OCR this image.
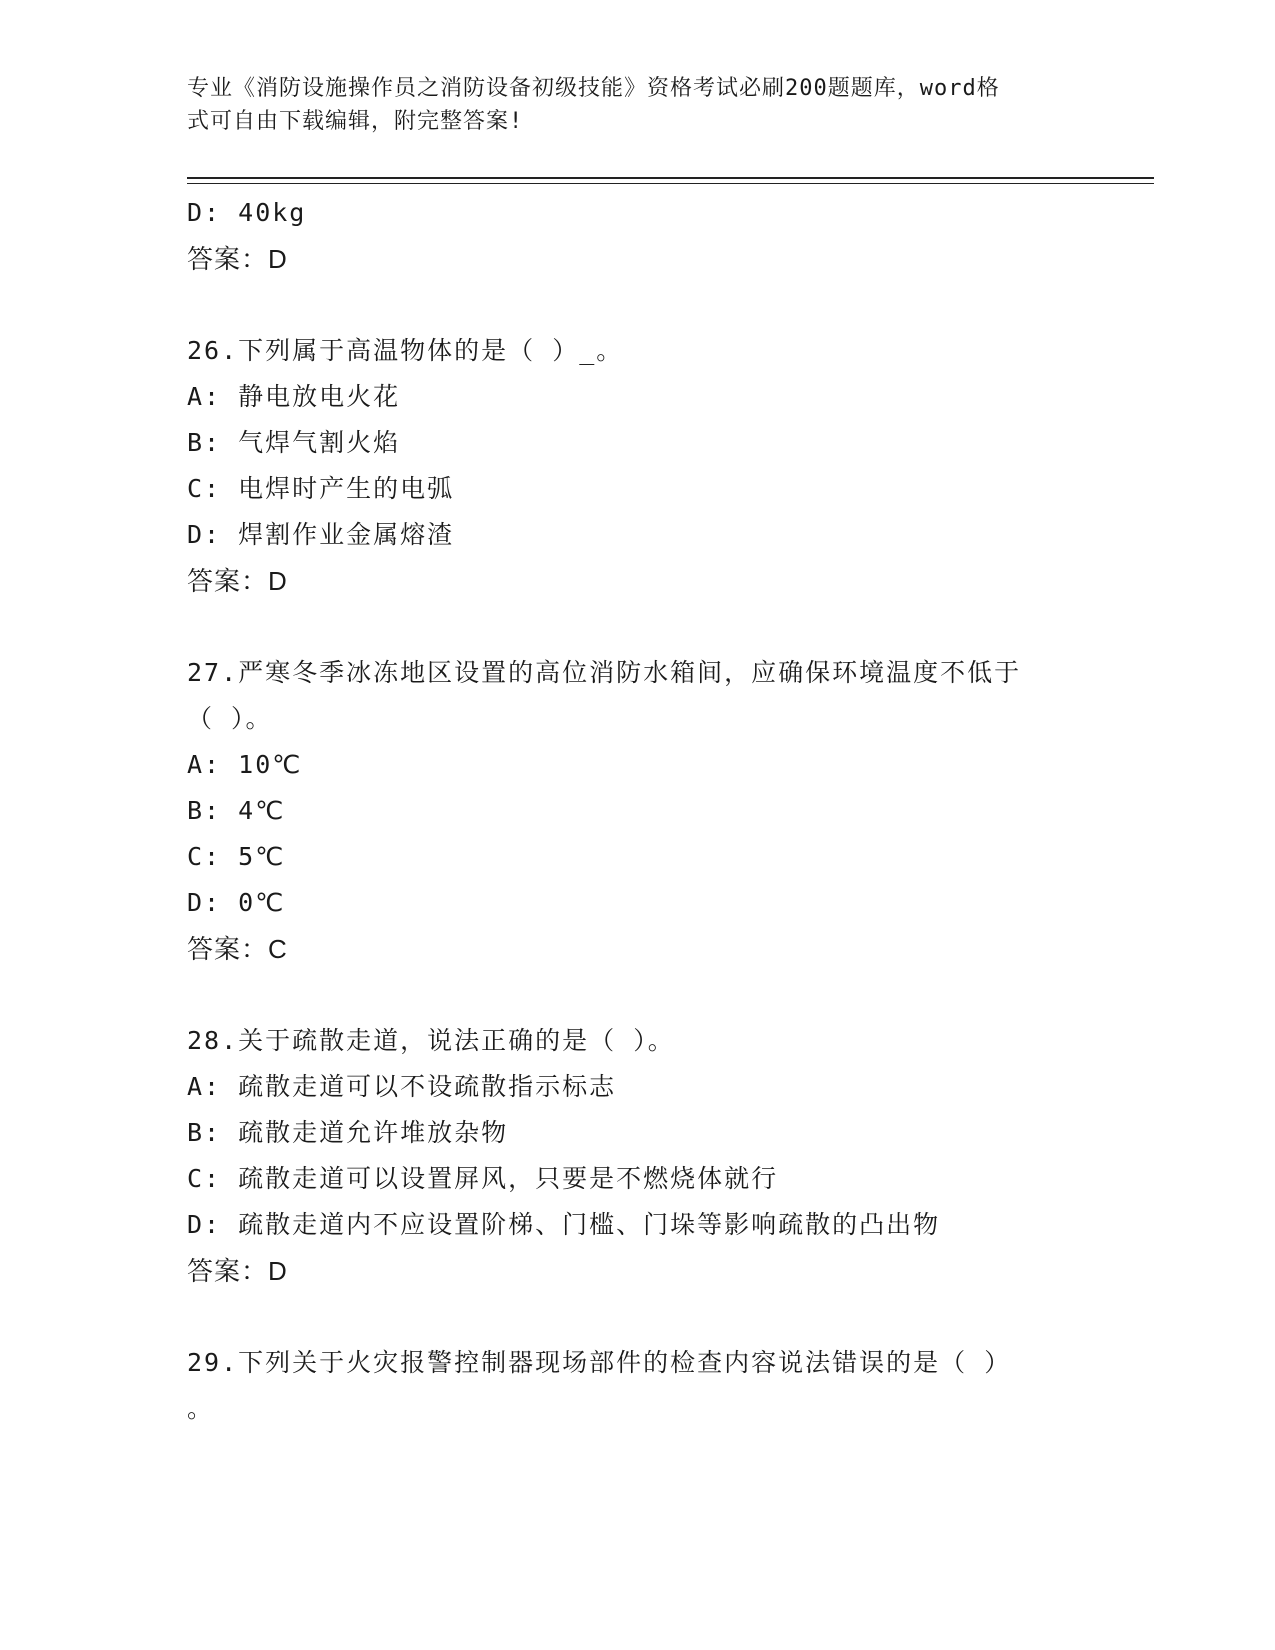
专业《消防设施操作员之消防设备初级技能》资格考试必刷200题题库，word格
式可自由下载编辑，附完整答案!
D: 40kg
答案：D
26.下列属于高温物体的是（ ）_。
A: 静电放电火花
B: 气焊气割火焰
C: 电焊时产生的电弧
D: 焊割作业金属熔渣
答案：D
27.严寒冬季冰冻地区设置的高位消防水箱间，应确保环境温度不低于
（ ）。
A: 10℃
B: 4℃
C: 5℃
D: 0℃
答案：C
28.关于疏散走道，说法正确的是（ ）。
A: 疏散走道可以不设疏散指示标志
B: 疏散走道允许堆放杂物
C: 疏散走道可以设置屏风，只要是不燃烧体就行
D: 疏散走道内不应设置阶梯、门槛、门垛等影响疏散的凸出物
答案：D
29.下列关于火灾报警控制器现场部件的检查内容说法错误的是（ ）
。
